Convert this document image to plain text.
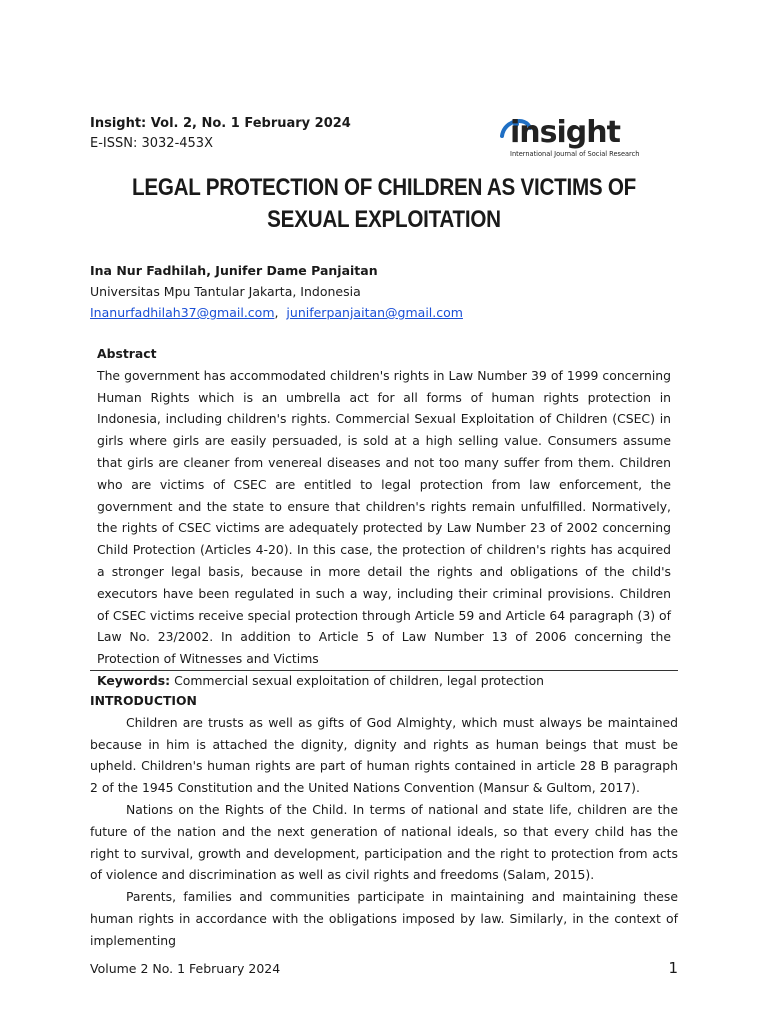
Insight: Vol. 2, No. 1 February 2024
E-ISSN: 3032-453X	insight
International Journal of Social Research
LEGAL PROTECTION OF CHILDREN AS VICTIMS OF SEXUAL EXPLOITATION
Ina Nur Fadhilah, Junifer Dame Panjaitan
Universitas Mpu Tantular Jakarta, Indonesia
Inanurfadhilah37@gmail.com,  juniferpanjaitan@gmail.com
Abstract
The government has accommodated children's rights in Law Number 39 of 1999 concerning Human Rights which is an umbrella act for all forms of human rights protection in Indonesia, including children's rights. Commercial Sexual Exploitation of Children (CSEC) in girls where girls are easily persuaded, is sold at a high selling value. Consumers assume that girls are cleaner from venereal diseases and not too many suffer from them. Children who are victims of CSEC are entitled to legal protection from law enforcement, the government and the state to ensure that children's rights remain unfulfilled. Normatively, the rights of CSEC victims are adequately protected by Law Number 23 of 2002 concerning Child Protection (Articles 4-20). In this case, the protection of children's rights has acquired a stronger legal basis, because in more detail the rights and obligations of the child's executors have been regulated in such a way, including their criminal provisions. Children of CSEC victims receive special protection through Article 59 and Article 64 paragraph (3) of Law No. 23/2002. In addition to Article 5 of Law Number 13 of 2006 concerning the Protection of Witnesses and Victims
Keywords: Commercial sexual exploitation of children, legal protection
INTRODUCTION

Children are trusts as well as gifts of God Almighty, which must always be maintained because in him is attached the dignity, dignity and rights as human beings that must be upheld. Children's human rights are part of human rights contained in article 28 B paragraph 2 of the 1945 Constitution and the United Nations Convention (Mansur & Gultom, 2017).

Nations on the Rights of the Child. In terms of national and state life, children are the future of the nation and the next generation of national ideals, so that every child has the right to survival, growth and development, participation and the right to protection from acts of violence and discrimination as well as civil rights and freedoms (Salam, 2015).

Parents, families and communities participate in maintaining and maintaining these human rights in accordance with the obligations imposed by law. Similarly, in the context of implementing

Volume 2 No. 1 February 2024	1
